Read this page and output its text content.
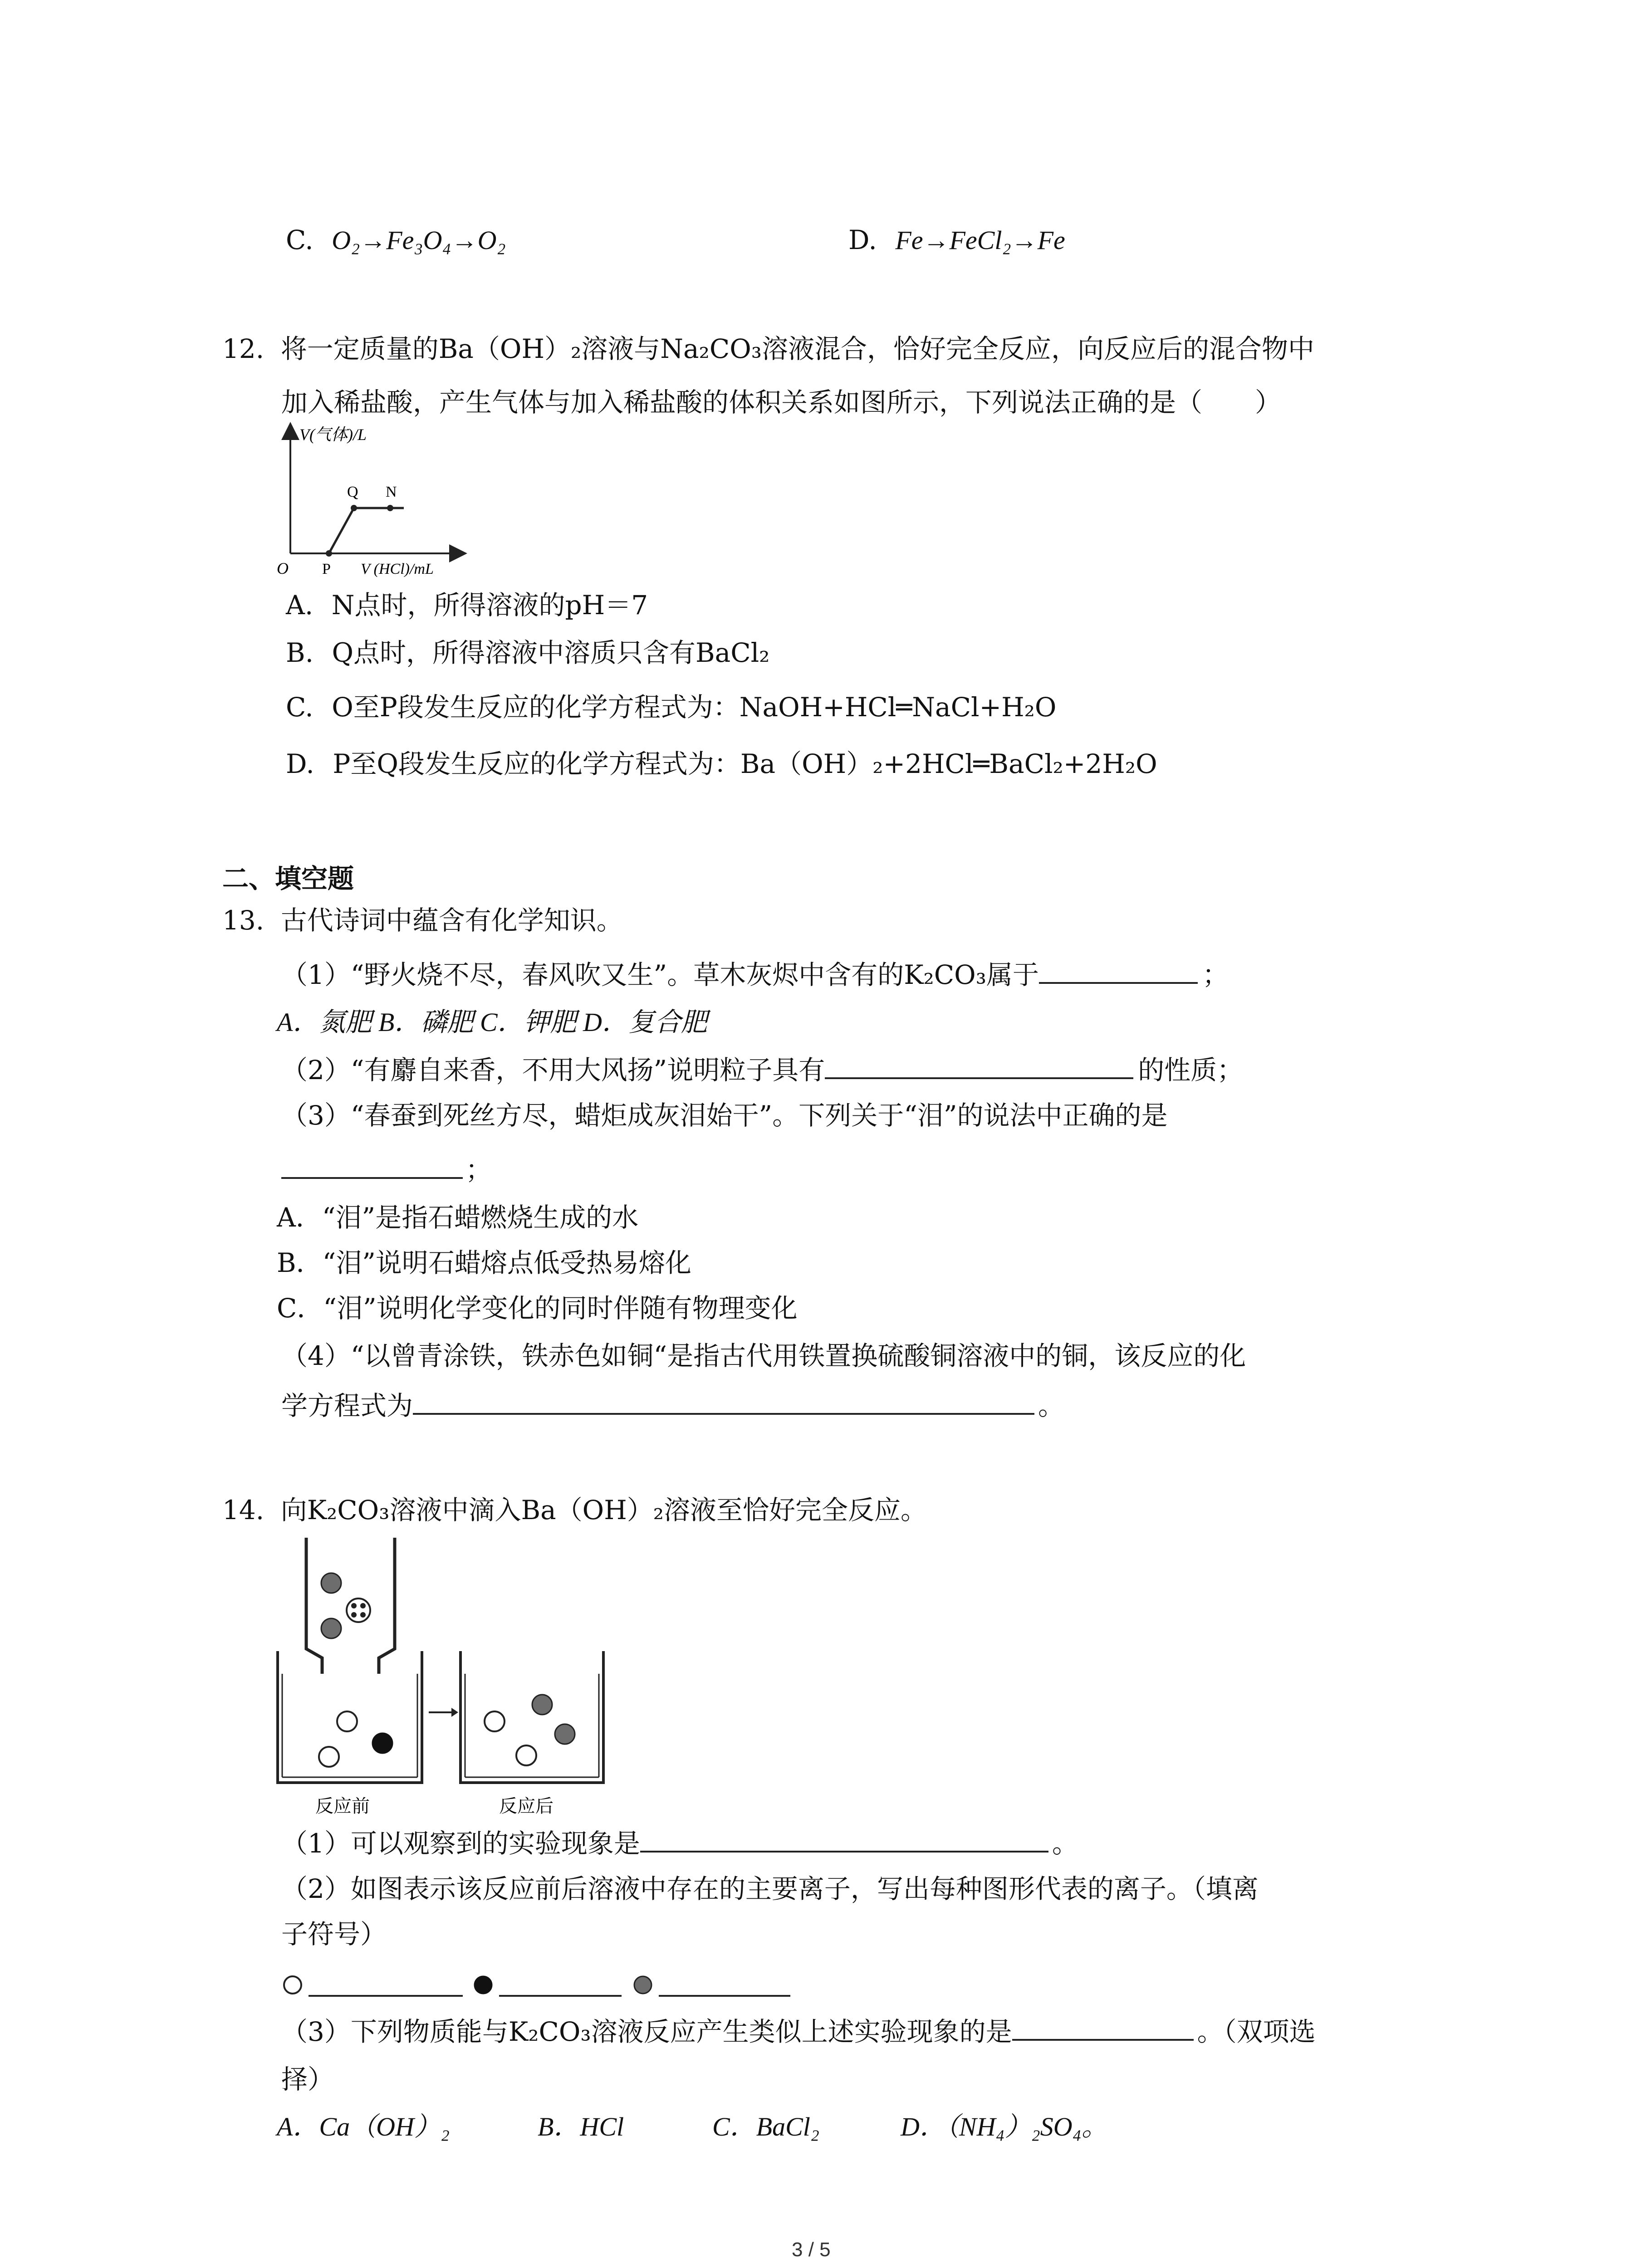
C. O₂→Fe₃O₄→O₂	D. Fe→FeCl₂→Fe
12. 将一定质量的Ba（OH）₂溶液与Na₂CO₃溶液混合，恰好完全反应，向反应后的混合物中
加入稀盐酸，产生气体与加入稀盐酸的体积关系如图所示，下列说法正确的是（　　）
V(气体)/L
O P V (HCl)/mL
Q N
A. N点时，所得溶液的pH＝7
B. Q点时，所得溶液中溶质只含有BaCl₂
C. O至P段发生反应的化学方程式为：NaOH+HCl═NaCl+H₂O
D. P至Q段发生反应的化学方程式为：Ba（OH）₂+2HCl═BaCl₂+2H₂O
二、填空题
13. 古代诗词中蕴含有化学知识。
（1）“野火烧不尽，春风吹又生”。草木灰烬中含有的K₂CO₃属于	；
A．氮肥 B．磷肥 C．钾肥 D．复合肥
（2）“有麝自来香，不用大风扬”说明粒子具有	的性质；
（3）“春蚕到死丝方尽，蜡炬成灰泪始干”。下列关于“泪”的说法中正确的是
；
A．“泪”是指石蜡燃烧生成的水
B．“泪”说明石蜡熔点低受热易熔化
C．“泪”说明化学变化的同时伴随有物理变化
（4）“以曾青涂铁，铁赤色如铜“是指古代用铁置换硫酸铜溶液中的铜，该反应的化
学方程式为	。
14. 向K₂CO₃溶液中滴入Ba（OH）₂溶液至恰好完全反应。
反应前	反应后
（1）可以观察到的实验现象是	。
（2）如图表示该反应前后溶液中存在的主要离子，写出每种图形代表的离子。（填离
子符号）
（3）下列物质能与K₂CO₃溶液反应产生类似上述实验现象的是	。（双项选
择）
A．Ca（OH）₂	B．HCl	C．BaCl₂	D．（NH₄）₂SO₄。
3 / 5
